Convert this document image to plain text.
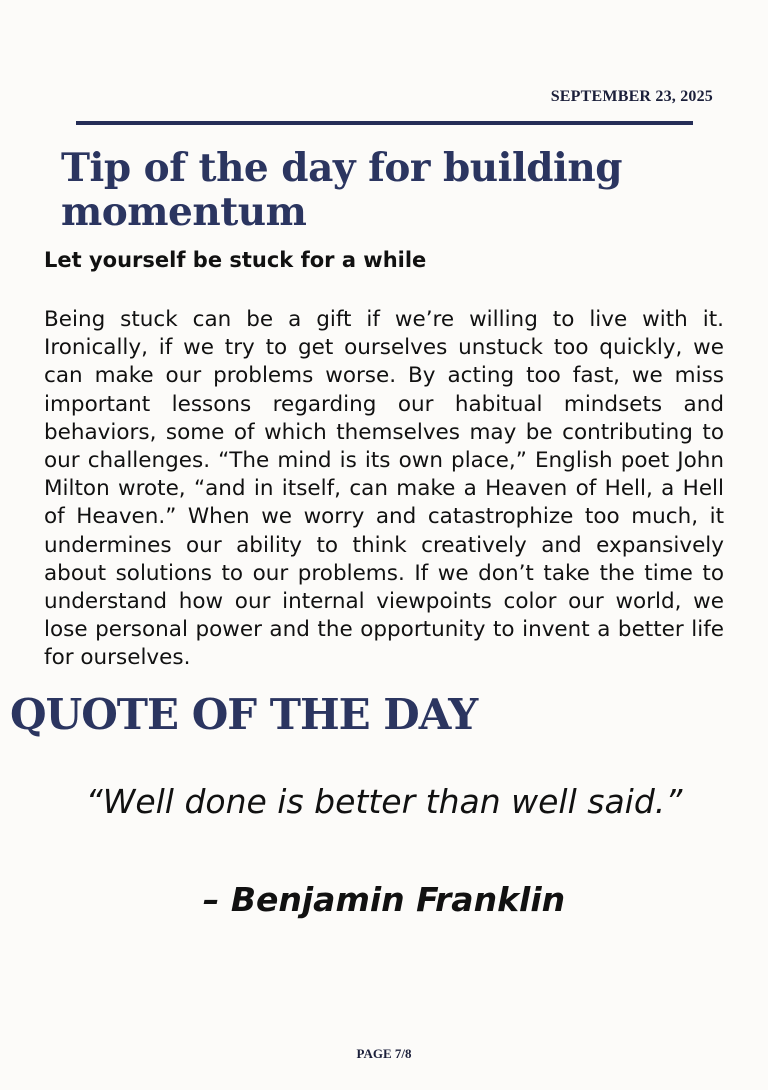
SEPTEMBER 23, 2025
Tip of the day for building momentum
Let yourself be stuck for a while

Being stuck can be a gift if we’re willing to live with it. Ironically, if we try to get ourselves unstuck too quickly, we can make our problems worse. By acting too fast, we miss important lessons regarding our habitual mindsets and behaviors, some of which themselves may be contributing to our challenges. “The mind is its own place,” English poet John Milton wrote, “and in itself, can make a Heaven of Hell, a Hell of Heaven.” When we worry and catastrophize too much, it undermines our ability to think creatively and expansively about solutions to our problems. If we don’t take the time to understand how our internal viewpoints color our world, we lose personal power and the opportunity to invent a better life for ourselves.

QUOTE OF THE DAY
“Well done is better than well said.”
– Benjamin Franklin
PAGE 7/8
